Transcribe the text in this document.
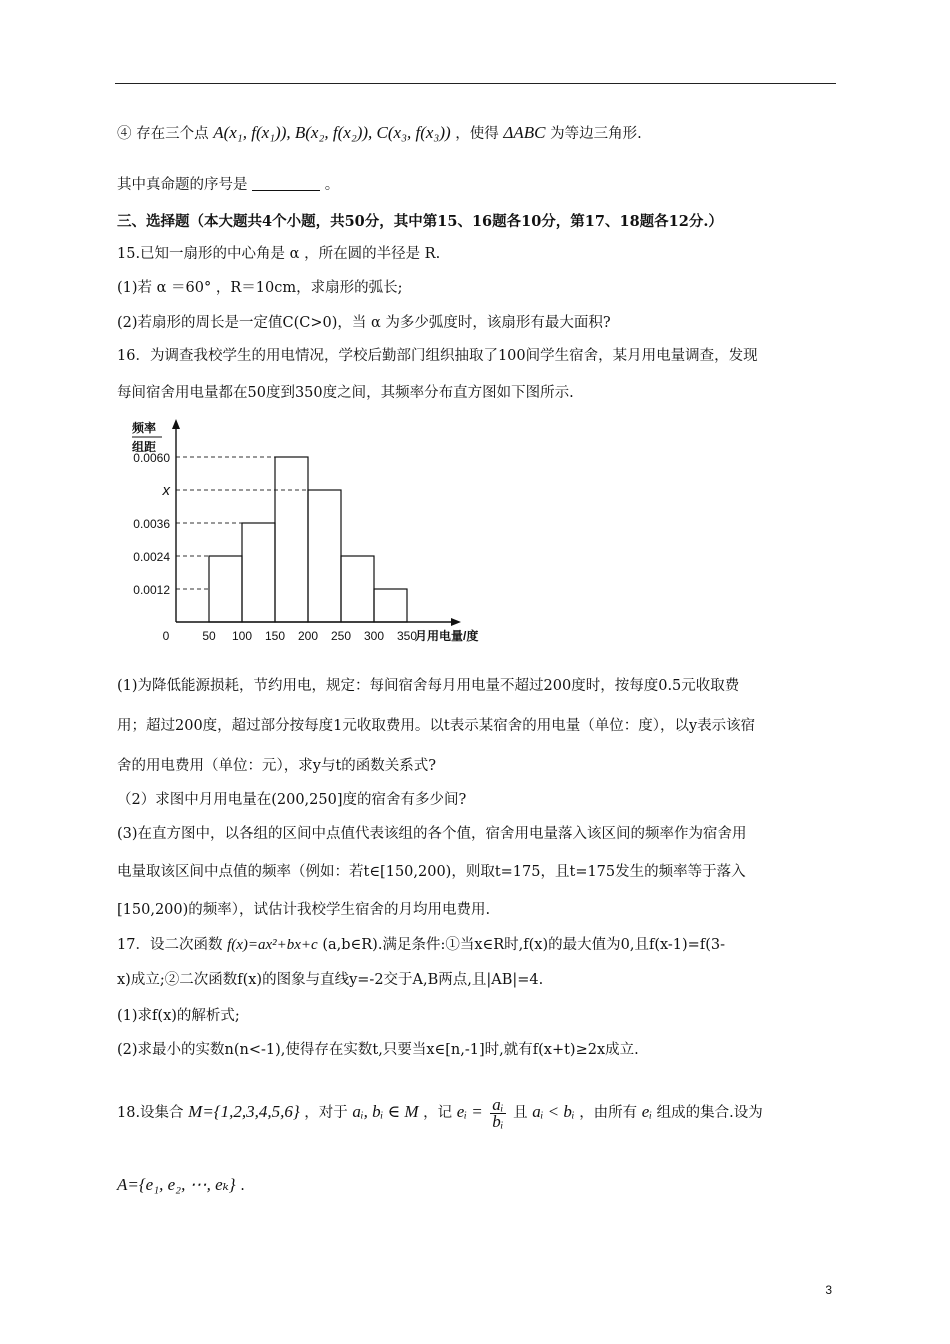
④ 存在三个点 A(x₁, f(x₁)), B(x₂, f(x₂)), C(x₃, f(x₃)) ，使得 ΔABC 为等边三角形.
其中真命题的序号是	。
三、选择题（本大题共4个小题，共50分，其中第15、16题各10分，第17、18题各12分.）
15.已知一扇形的中心角是 α ，所在圆的半径是 R.
(1)若 α ＝60° ，R＝10cm，求扇形的弧长;
(2)若扇形的周长是一定值C(C>0)，当 α 为多少弧度时，该扇形有最大面积?
16．为调查我校学生的用电情况，学校后勤部门组织抽取了100间学生宿舍，某月用电量调查，发现
每间宿舍用电量都在50度到350度之间，其频率分布直方图如下图所示.
0.0060
x
0.0036
0.0024
0.0012
0	50 100 150 200 250 300 350
频率
组距
月用电量/度
(1)为降低能源损耗，节约用电，规定：每间宿舍每月用电量不超过200度时，按每度0.5元收取费
用；超过200度，超过部分按每度1元收取费用。以t表示某宿舍的用电量（单位：度），以y表示该宿
舍的用电费用（单位：元），求y与t的函数关系式?
（2）求图中月用电量在(200,250]度的宿舍有多少间?
(3)在直方图中，以各组的区间中点值代表该组的各个值，宿舍用电量落入该区间的频率作为宿舍用
电量取该区间中点值的频率（例如：若t∈[150,200)，则取t=175，且t=175发生的频率等于落入
[150,200)的频率），试估计我校学生宿舍的月均用电费用.
17．设二次函数 f(x)=ax²+bx+c (a,b∈R).满足条件:①当x∈R时,f(x)的最大值为0,且f(x-1)=f(3-
x)成立;②二次函数f(x)的图象与直线y=-2交于A,B两点,且|AB|=4.
(1)求f(x)的解析式;
(2)求最小的实数n(n<-1),使得存在实数t,只要当x∈[n,-1]时,就有f(x+t)≥2x成立.
18.设集合 M={1,2,3,4,5,6} ，对于 aᵢ, bᵢ ∈ M ，记 eᵢ = $\frac{\text{aᵢ}}{\text{bᵢ}}$ 且 aᵢ < bᵢ ，由所有 eᵢ 组成的集合.设为
A={e₁, e₂, ⋯, eₖ} .
3
